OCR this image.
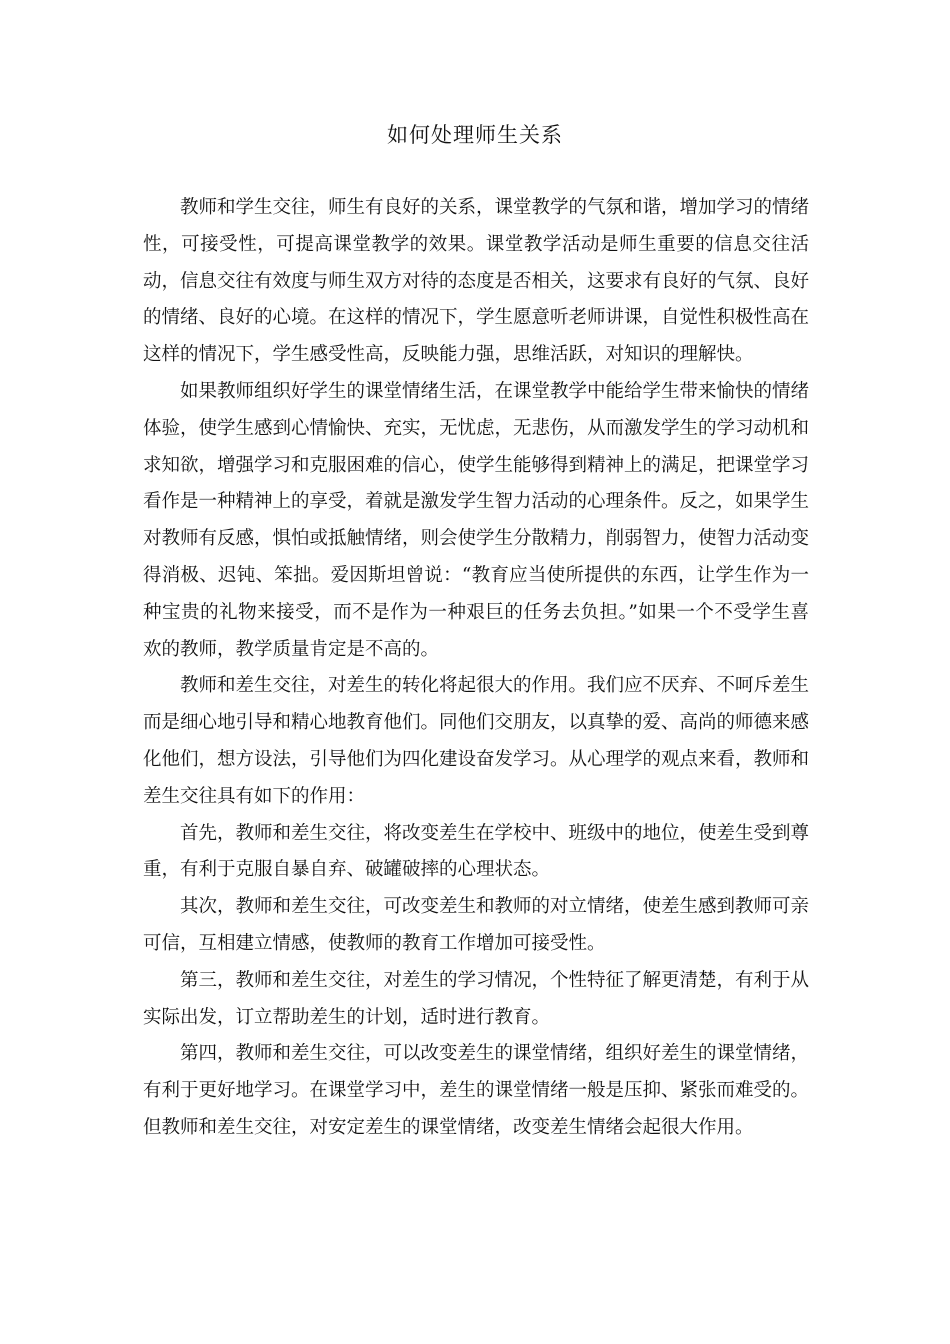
如何处理师生关系

教师和学生交往，师生有良好的关系，课堂教学的气氛和谐，增加学习的情绪性，可接受性，可提高课堂教学的效果。课堂教学活动是师生重要的信息交往活动，信息交往有效度与师生双方对待的态度是否相关，这要求有良好的气氛、良好的情绪、良好的心境。在这样的情况下，学生愿意听老师讲课，自觉性积极性高在这样的情况下，学生感受性高，反映能力强，思维活跃，对知识的理解快。

如果教师组织好学生的课堂情绪生活，在课堂教学中能给学生带来愉快的情绪体验，使学生感到心情愉快、充实，无忧虑，无悲伤，从而激发学生的学习动机和求知欲，增强学习和克服困难的信心，使学生能够得到精神上的满足，把课堂学习看作是一种精神上的享受，着就是激发学生智力活动的心理条件。反之，如果学生对教师有反感，惧怕或抵触情绪，则会使学生分散精力，削弱智力，使智力活动变得消极、迟钝、笨拙。爱因斯坦曾说：“教育应当使所提供的东西，让学生作为一种宝贵的礼物来接受，而不是作为一种艰巨的任务去负担。”如果一个不受学生喜欢的教师，教学质量肯定是不高的。

教师和差生交往，对差生的转化将起很大的作用。我们应不厌弃、不呵斥差生而是细心地引导和精心地教育他们。同他们交朋友，以真挚的爱、高尚的师德来感化他们，想方设法，引导他们为四化建设奋发学习。从心理学的观点来看，教师和差生交往具有如下的作用：

首先，教师和差生交往，将改变差生在学校中、班级中的地位，使差生受到尊重，有利于克服自暴自弃、破罐破摔的心理状态。

其次，教师和差生交往，可改变差生和教师的对立情绪，使差生感到教师可亲可信，互相建立情感，使教师的教育工作增加可接受性。

第三，教师和差生交往，对差生的学习情况，个性特征了解更清楚，有利于从实际出发，订立帮助差生的计划，适时进行教育。

第四，教师和差生交往，可以改变差生的课堂情绪，组织好差生的课堂情绪，有利于更好地学习。在课堂学习中，差生的课堂情绪一般是压抑、紧张而难受的。但教师和差生交往，对安定差生的课堂情绪，改变差生情绪会起很大作用。
